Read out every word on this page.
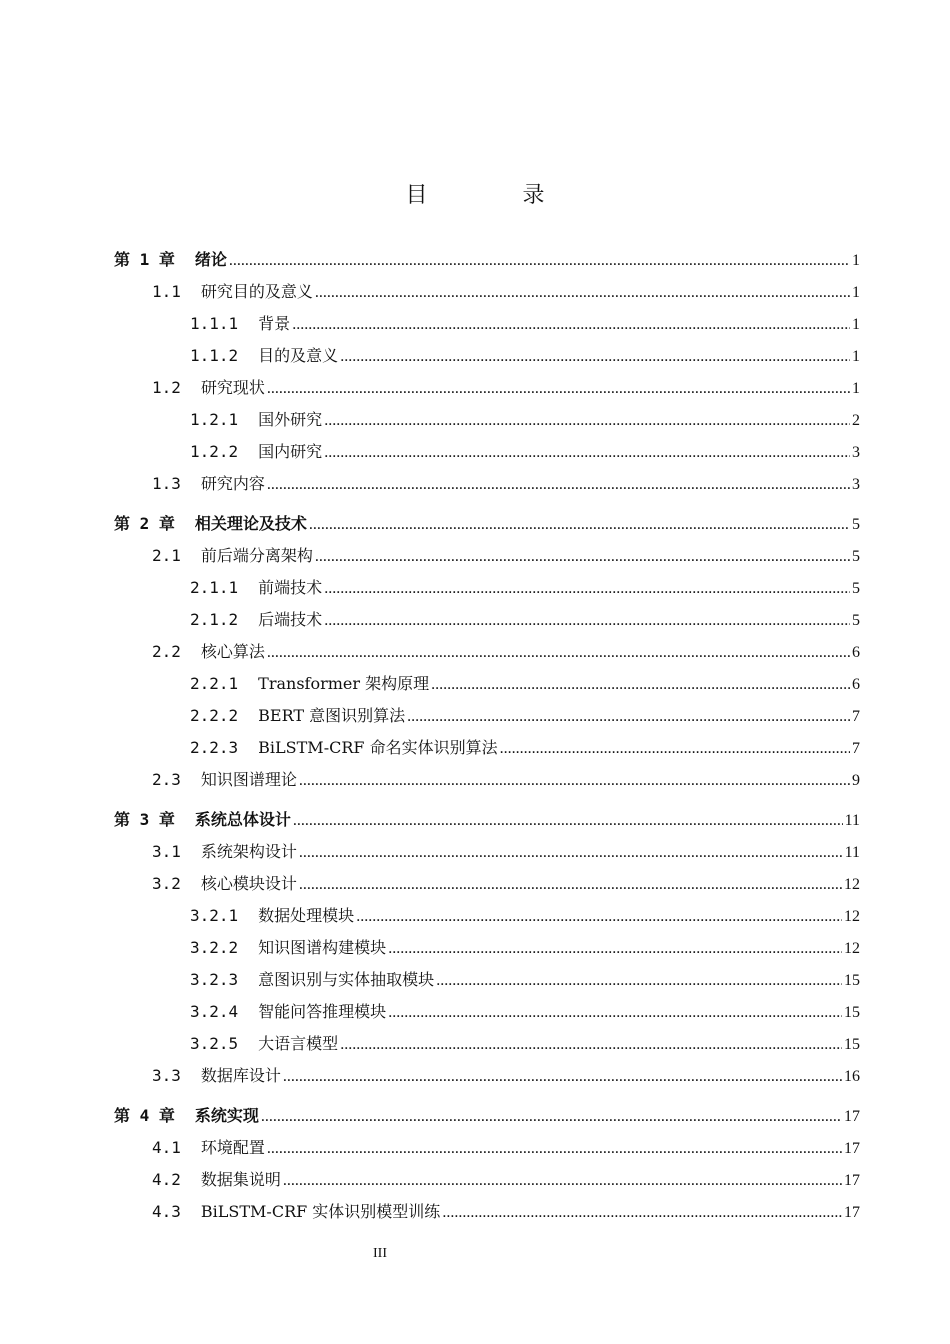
目 录
第 1 章 绪论 .....	1
1.1 研究目的及意义 .....	1
1.1.1 背景 .....	1
1.1.2 目的及意义 .....	1
1.2 研究现状 .....	1
1.2.1 国外研究 .....	2
1.2.2 国内研究 .....	3
1.3 研究内容 .....	3
第 2 章 相关理论及技术 .....	5
2.1 前后端分离架构 .....	5
2.1.1 前端技术 .....	5
2.1.2 后端技术 .....	5
2.2 核心算法 .....	6
2.2.1 Transformer 架构原理 .....	6
2.2.2 BERT 意图识别算法 .....	7
2.2.3 BiLSTM-CRF 命名实体识别算法 .....	7
2.3 知识图谱理论 .....	9
第 3 章 系统总体设计 .....	11
3.1 系统架构设计 .....	11
3.2 核心模块设计 .....	12
3.2.1 数据处理模块 .....	12
3.2.2 知识图谱构建模块 .....	12
3.2.3 意图识别与实体抽取模块 .....	15
3.2.4 智能问答推理模块 .....	15
3.2.5 大语言模型 .....	15
3.3 数据库设计 .....	16
第 4 章 系统实现 .....	17
4.1 环境配置 .....	17
4.2 数据集说明 .....	17
4.3 BiLSTM-CRF 实体识别模型训练 .....	17
III
